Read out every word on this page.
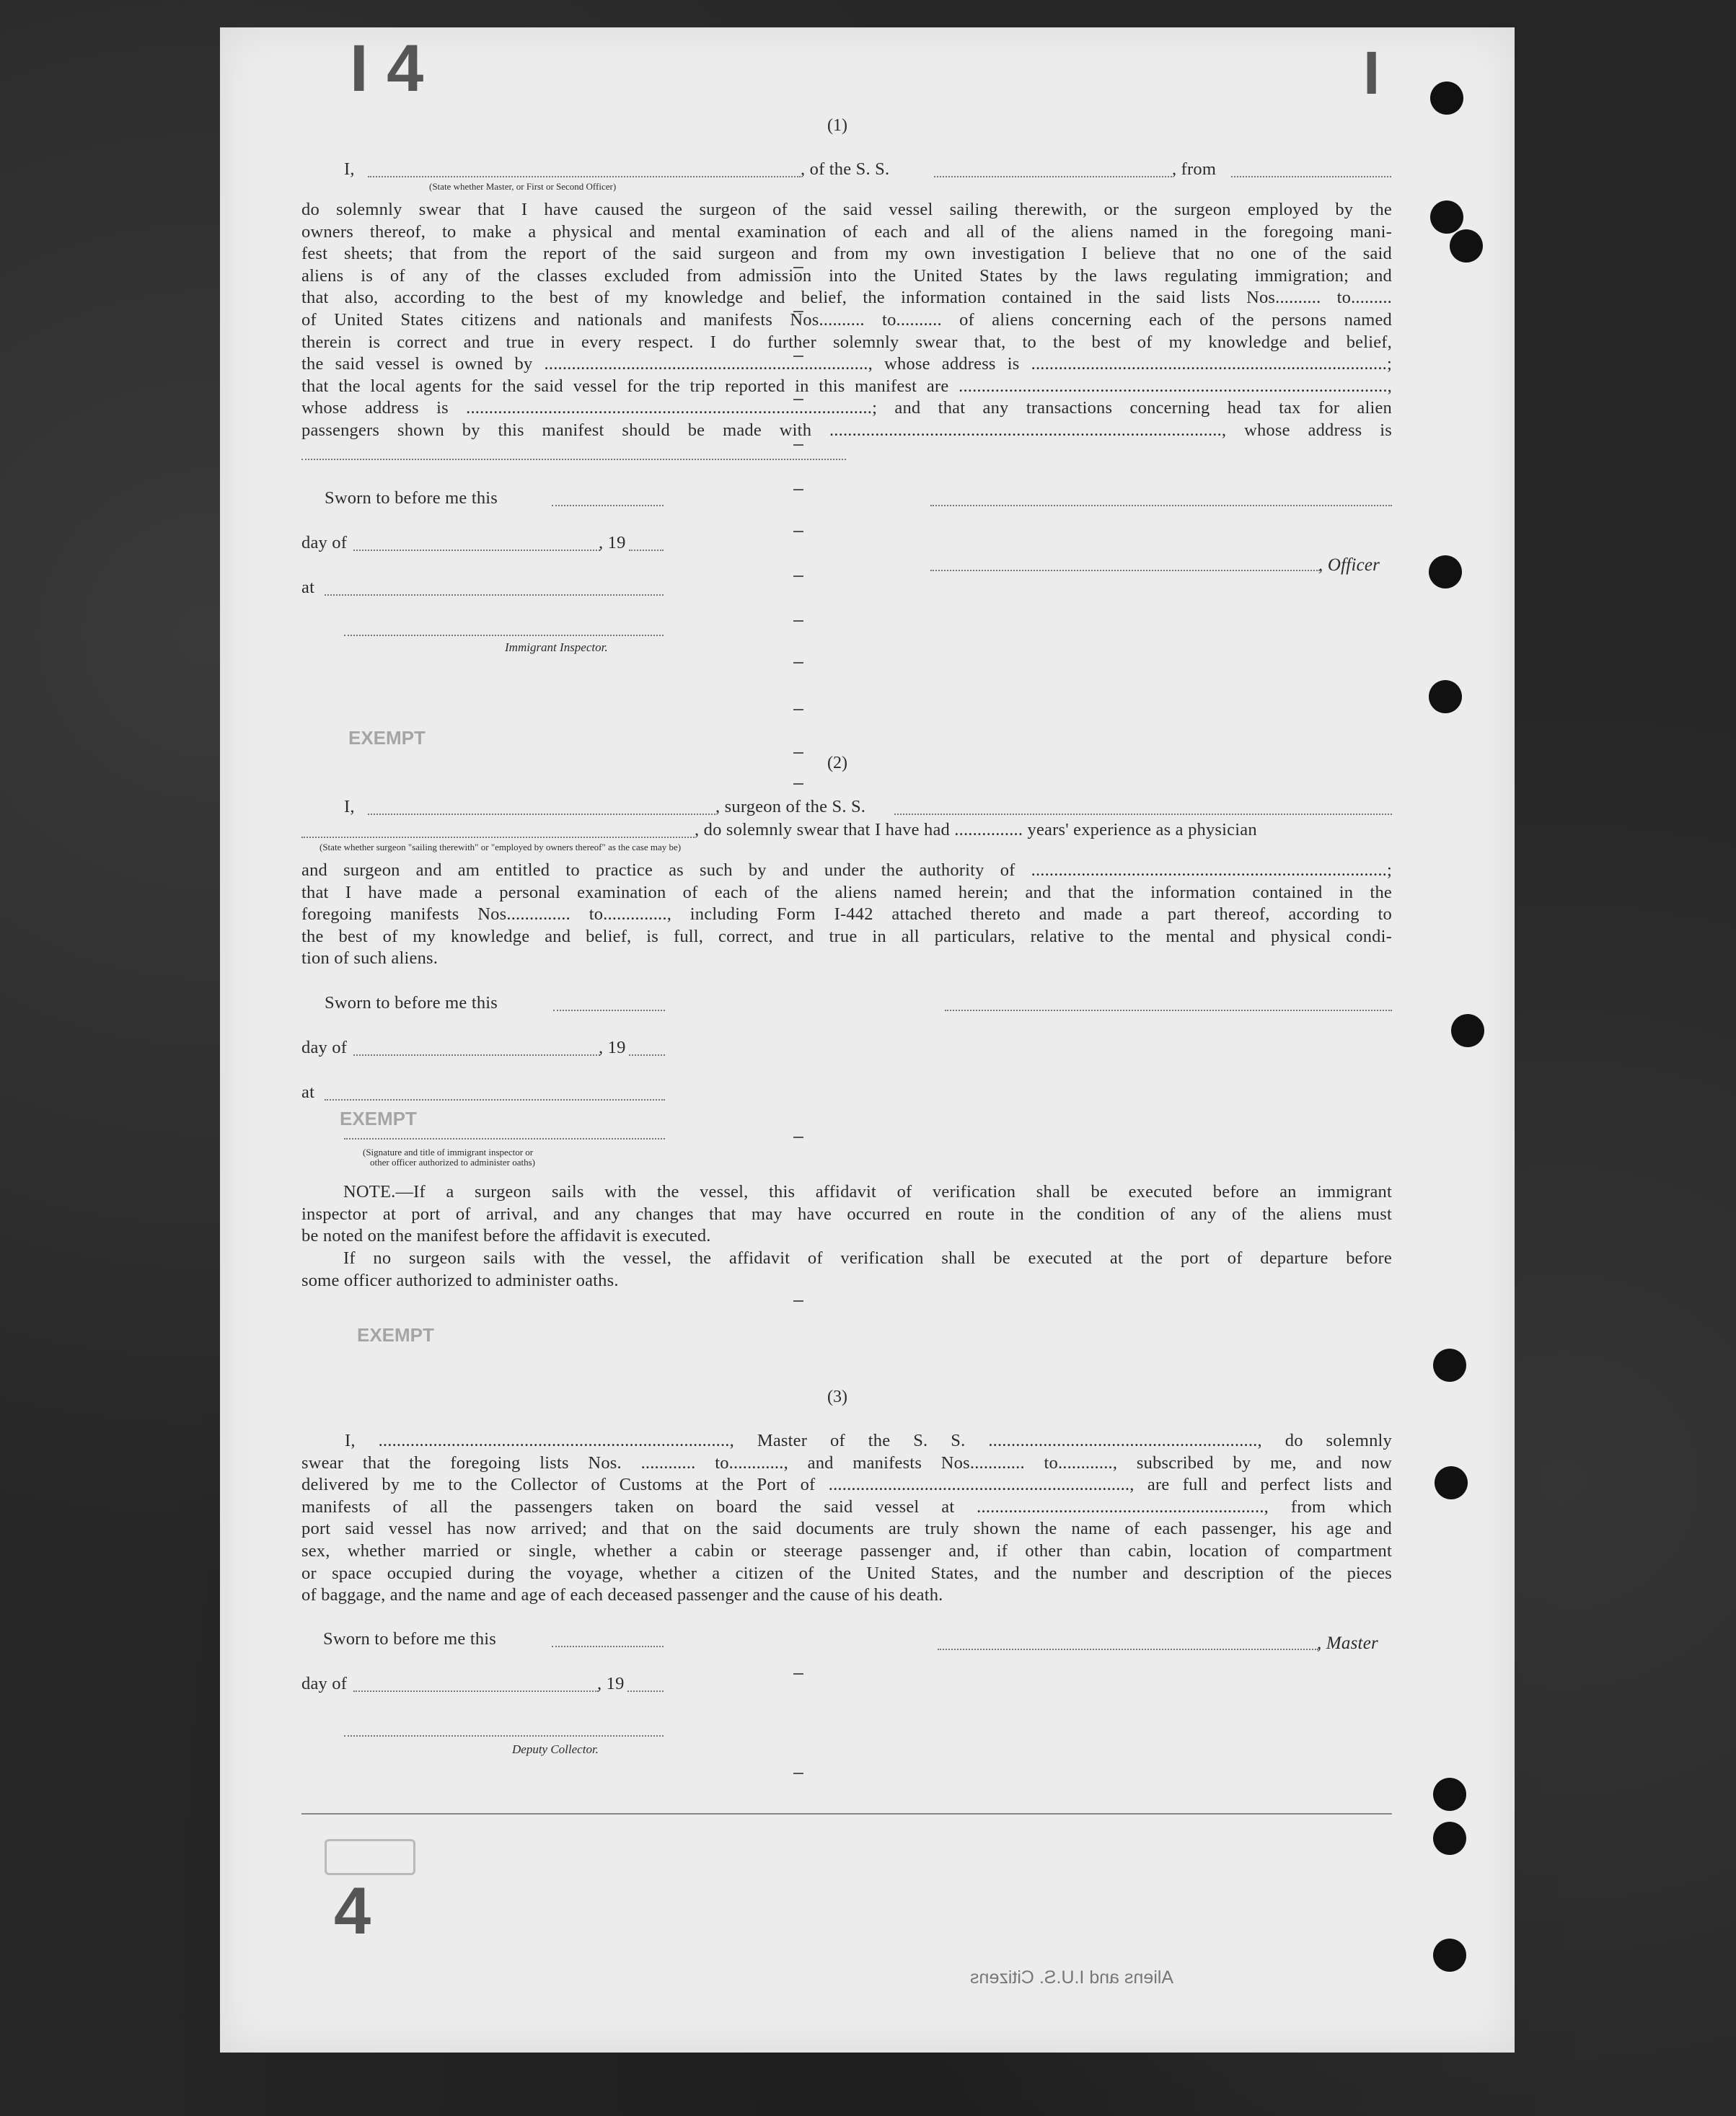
I 4	I
4
EXEMPT
EXEMPT
EXEMPT
Aliens and I.U.S. Citizens
(1)
I,	, of the S. S.	, from
(State whether Master, or First or Second Officer)
do solemnly swear that I have caused the surgeon of the said vessel sailing therewith, or the surgeon employed by the
owners thereof, to make a physical and mental examination of each and all of the aliens named in the foregoing mani-
fest sheets; that from the report of the said surgeon and from my own investigation I believe that no one of the said
aliens is of any of the classes excluded from admission into the United States by the laws regulating immigration; and
that also, according to the best of my knowledge and belief, the information contained in the said lists Nos.......... to.........
of United States citizens and nationals and manifests Nos.......... to.......... of aliens concerning each of the persons named
therein is correct and true in every respect. I do further solemnly swear that, to the best of my knowledge and belief,
the said vessel is owned by ......................................................................., whose address is ..............................................................................;
that the local agents for the said vessel for the trip reported in this manifest are ..............................................................................................,
whose address is .........................................................................................; and that any transactions concerning head tax for alien
passengers shown by this manifest should be made with ......................................................................................, whose address is
Sworn to before me this
day of	, 19
, Officer
at
Immigrant Inspector.
(2)
I,	, surgeon of the S. S.
, do solemnly swear that I have had ............... years' experience as a physician
(State whether surgeon "sailing therewith" or "employed by owners thereof" as the case may be)
and surgeon and am entitled to practice as such by and under the authority of ..............................................................................;
that I have made a personal examination of each of the aliens named herein; and that the information contained in the
foregoing manifests Nos.............. to.............., including Form I-442 attached thereto and made a part thereof, according to
the best of my knowledge and belief, is full, correct, and true in all particulars, relative to the mental and physical condi-
tion of such aliens.
Sworn to before me this
day of	, 19
at
(Signature and title of immigrant inspector or
other officer authorized to administer oaths)
NOTE.—If a surgeon sails with the vessel, this affidavit of verification shall be executed before an immigrant
inspector at port of arrival, and any changes that may have occurred en route in the condition of any of the aliens must
be noted on the manifest before the affidavit is executed.
If no surgeon sails with the vessel, the affidavit of verification shall be executed at the port of departure before
some officer authorized to administer oaths.
(3)
I, ............................................................................., Master of the S. S. ..........................................................., do solemnly
swear that the foregoing lists Nos. ............ to............, and manifests Nos............ to............, subscribed by me, and now
delivered by me to the Collector of Customs at the Port of .................................................................., are full and perfect lists and
manifests of all the passengers taken on board the said vessel at ..............................................................., from which
port said vessel has now arrived; and that on the said documents are truly shown the name of each passenger, his age and
sex, whether married or single, whether a cabin or steerage passenger and, if other than cabin, location of compartment
or space occupied during the voyage, whether a citizen of the United States, and the number and description of the pieces
of baggage, and the name and age of each deceased passenger and the cause of his death.
Sworn to before me this	, Master
day of	, 19
Deputy Collector.
